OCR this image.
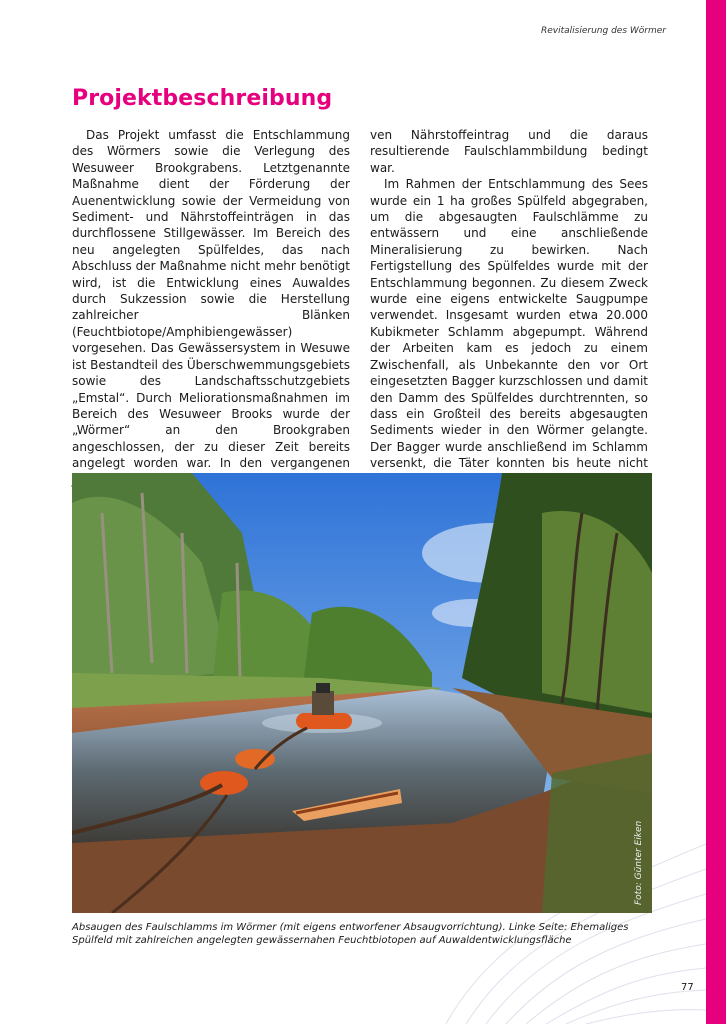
Revitalisierung des Wörmer
Projektbeschreibung

Das Projekt umfasst die Entschlammung des Wörmers sowie die Verlegung des Wesuweer Brookgrabens. Letztgenannte Maßnahme dient der Förderung der Auenentwicklung sowie der Vermeidung von Sediment- und Nährstoffeinträgen in das durchflossene Stillgewässer. Im Bereich des neu angelegten Spülfeldes, das nach Abschluss der Maßnahme nicht mehr benötigt wird, ist die Entwicklung eines Auwaldes durch Sukzession sowie die Herstellung zahlreicher Blänken (Feuchtbiotope/Amphibiengewässer) vorgesehen. Das Gewässersystem in Wesuwe ist Bestandteil des Überschwemmungsgebiets sowie des Landschaftsschutzgebiets „Emstal“. Durch Meliorationsmaßnahmen im Bereich des Wesuweer Brooks wurde der „Wörmer“ an den Brookgraben angeschlossen, der zu dieser Zeit bereits angelegt worden war. In den vergangenen

ven Nährstoffeintrag und die daraus resultierende Faulschlammbildung bedingt war.

Im Rahmen der Entschlammung des Sees wurde ein 1 ha großes Spülfeld abgegraben, um die abgesaugten Faulschlämme zu entwässern und eine anschließende Mineralisierung zu bewirken. Nach Fertigstellung des Spülfeldes wurde mit der Entschlammung begonnen. Zu diesem Zweck wurde eine eigens entwickelte Saugpumpe verwendet. Insgesamt wurden etwa 20.000 Kubikmeter Schlamm abgepumpt. Während der Arbeiten kam es jedoch zu einem Zwischenfall, als Unbekannte den vor Ort eingesetzten Bagger kurzschlossen und damit den Damm des Spülfeldes durchtrennten, so dass ein Großteil des bereits abgesaugten Sediments wieder in den Wörmer gelangte. Der Bagger wurde anschließend im Schlamm versenkt, die Täter konnten bis heute nicht

Foto: Günter Eiken
Absaugen des Faulschlamms im Wörmer (mit eigens entworfener Absaugvorrichtung). Linke Seite: Ehemaliges Spülfeld mit zahlreichen angelegten gewässernahen Feuchtbiotopen auf Auwaldentwicklungsfläche
77
